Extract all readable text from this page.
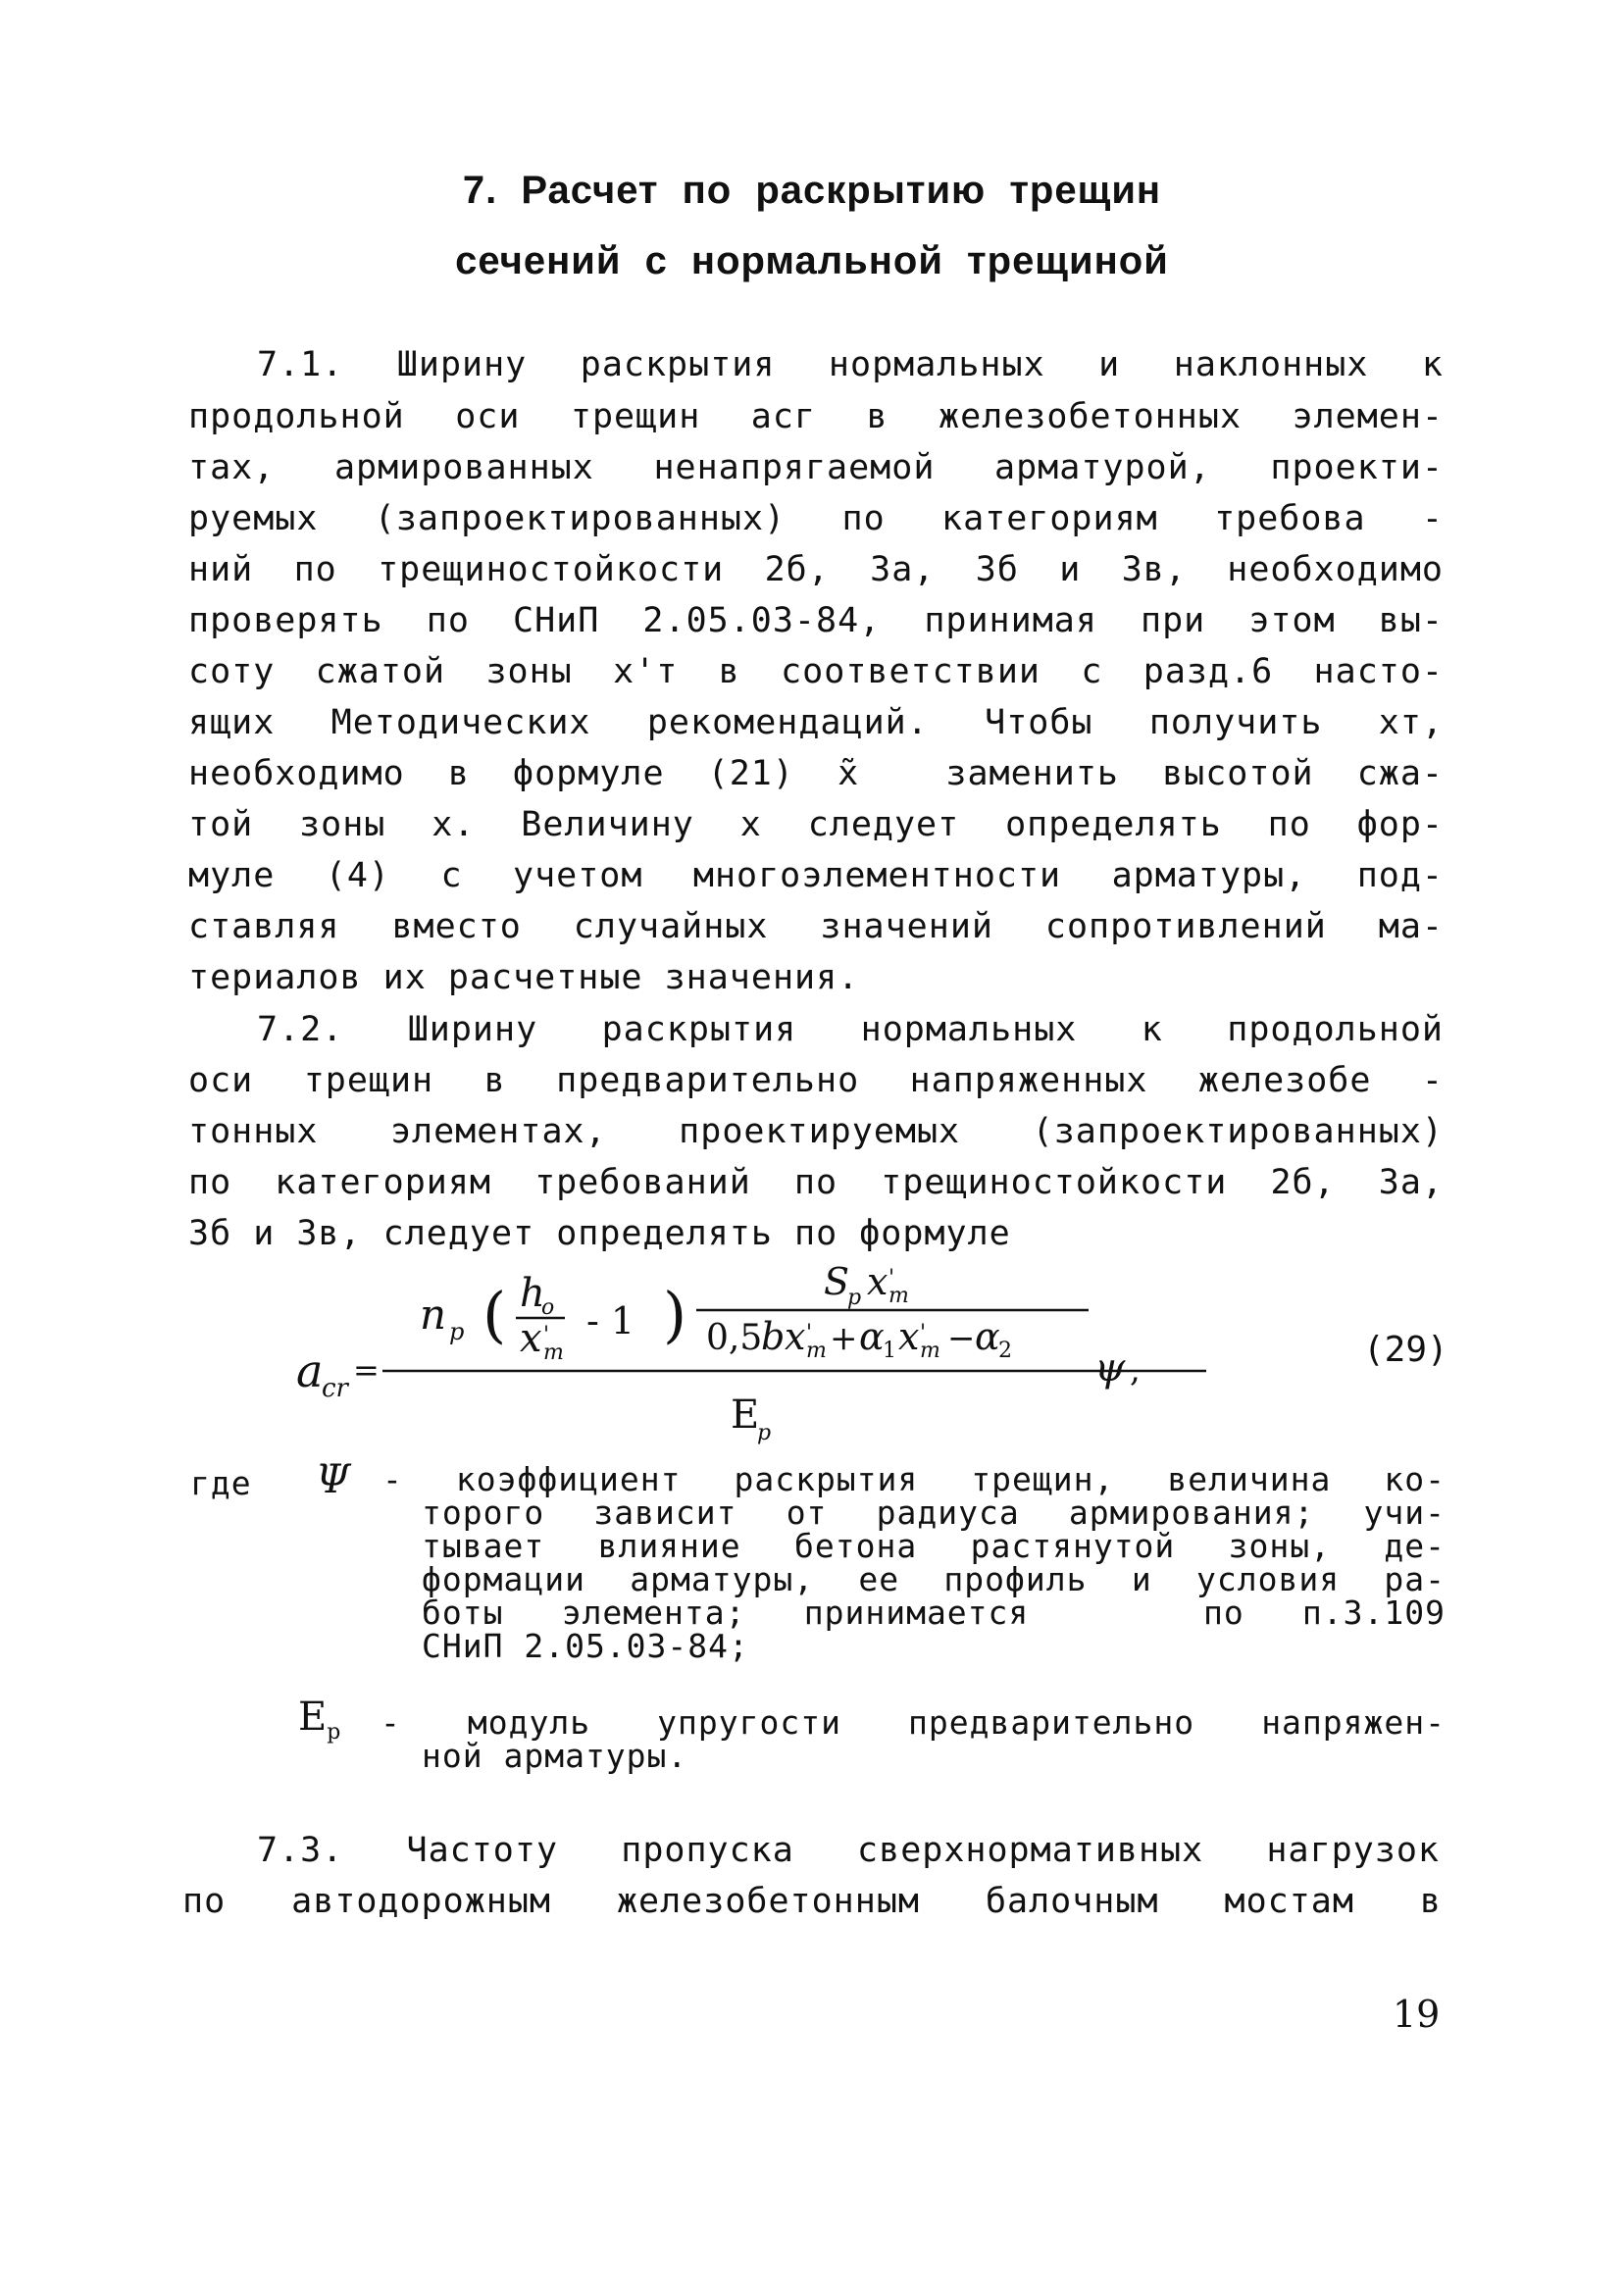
7. Расчет по раскрытию трещин
сечений с нормальной трещиной
7.1. Ширину раскрытия нормальных и наклонных к
продольной оси трещин aсг в железобетонных элемен-
тах, армированных ненапрягаемой арматурой, проекти-
руемых (запроектированных) по категориям требова -
ний по трещиностойкости 2б, 3а, 3б и 3в, необходимо
проверять по СНиП 2.05.03-84, принимая при этом вы-
соту сжатой зоны x'т в соответствии с разд.6 насто-
ящих Методических рекомендаций. Чтобы получить xт,
необходимо в формуле (21) x̃  заменить высотой сжа-
той зоны x. Величину x следует определять по фор-
муле (4) с учетом многоэлементности арматуры, под-
ставляя вместо случайных значений сопротивлений ма-
териалов их расчетные значения.
7.2. Ширину раскрытия нормальных к продольной
оси трещин в предварительно напряженных железобе -
тонных элементах, проектируемых (запроектированных)
по категориям требований по трещиностойкости 2б, 3а,
3б и 3в, следует определять по формуле
a
cr =
n p ( h
o
x '
т
- 1 )	S
p x '
т
0,5
b x '
т + α
1 x '
т − α
2 ψ ,
E
p
(29)
где Ψ - коэффициент раскрытия трещин, величина ко-
торого зависит от радиуса армирования; учи-
тывает влияние бетона растянутой зоны, де-
формации арматуры, ее профиль и условия ра-
боты элемента; принимается   по п.3.109
СНиП 2.05.03-84;
$E_p$ - модуль упругости предварительно напряжен-
ной арматуры.
7.3. Частоту пропуска сверхнормативных нагрузок
по автодорожным железобетонным балочным мостам в
19
